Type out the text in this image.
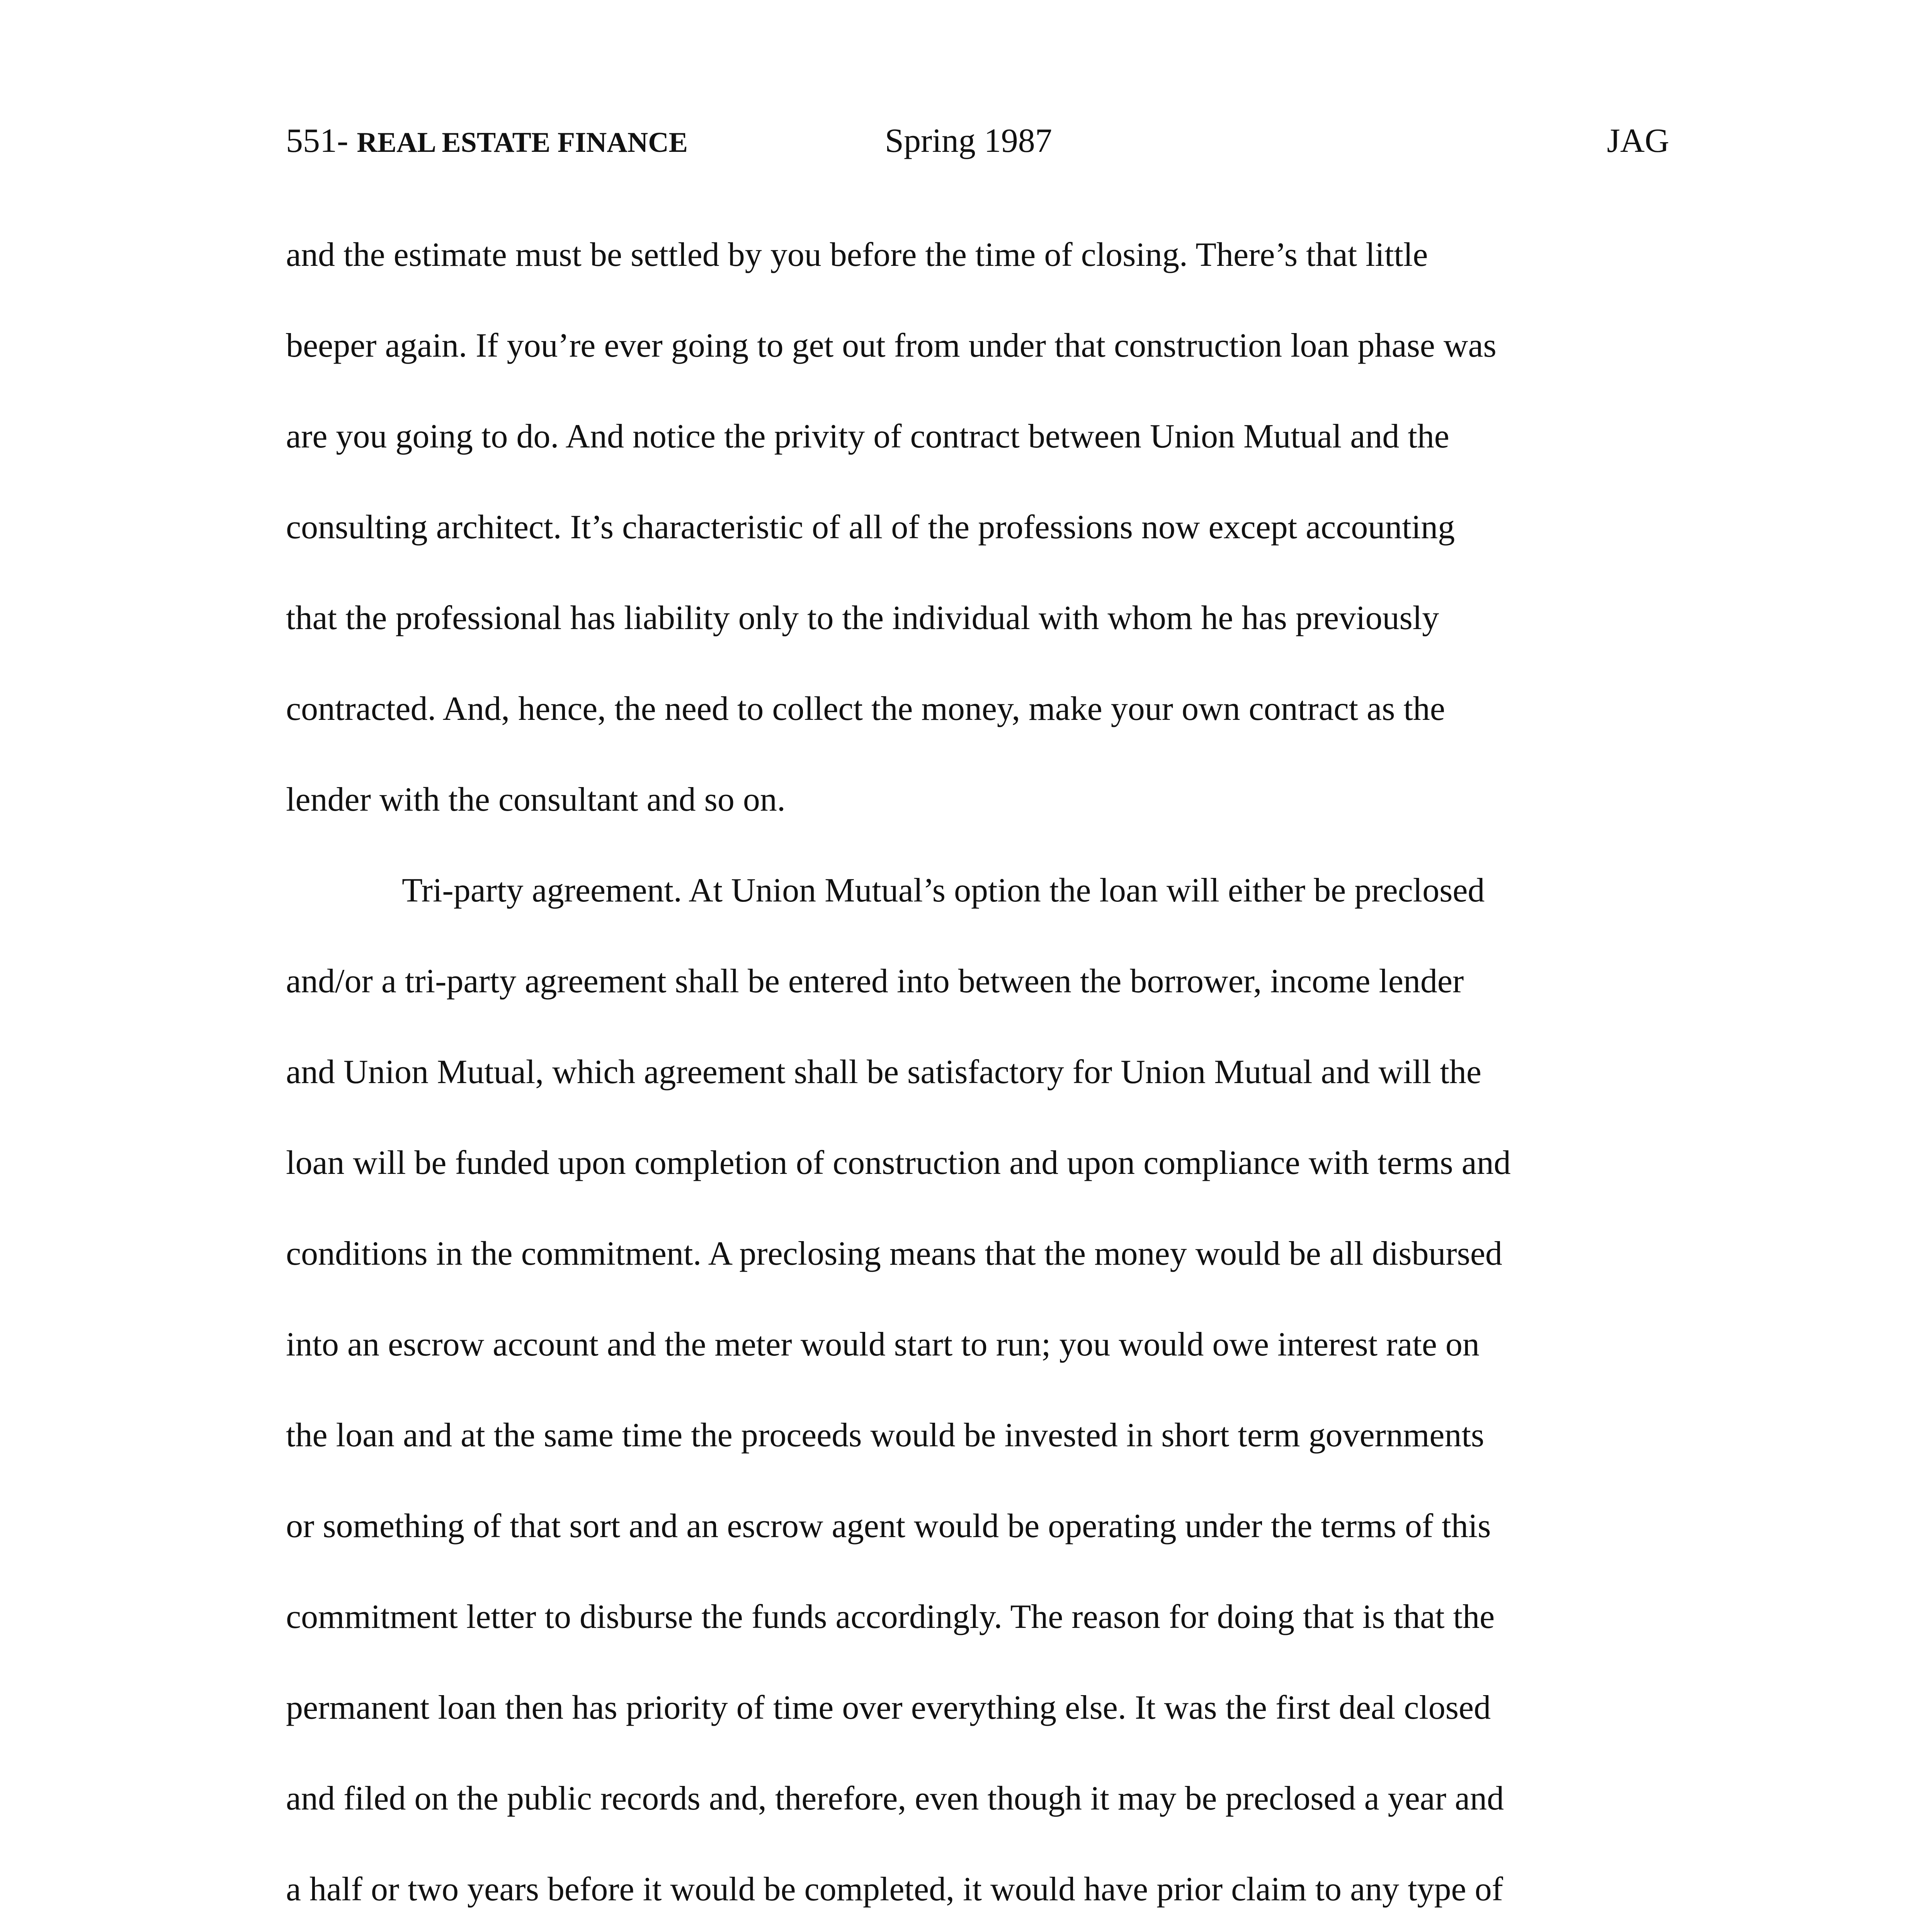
551- REAL ESTATE FINANCE	Spring 1987	JAG
and the estimate must be settled by you before the time of closing. There’s that little
beeper again. If you’re ever going to get out from under that construction loan phase was
are you going to do. And notice the privity of contract between Union Mutual and the
consulting architect. It’s characteristic of all of the professions now except accounting
that the professional has liability only to the individual with whom he has previously
contracted. And, hence, the need to collect the money, make your own contract as the
lender with the consultant and so on.
Tri-party agreement. At Union Mutual’s option the loan will either be preclosed
and/or a tri-party agreement shall be entered into between the borrower, income lender
and Union Mutual, which agreement shall be satisfactory for Union Mutual and will the
loan will be funded upon completion of construction and upon compliance with terms and
conditions in the commitment. A preclosing means that the money would be all disbursed
into an escrow account and the meter would start to run; you would owe interest rate on
the loan and at the same time the proceeds would be invested in short term governments
or something of that sort and an escrow agent would be operating under the terms of this
commitment letter to disburse the funds accordingly. The reason for doing that is that the
permanent loan then has priority of time over everything else. It was the first deal closed
and filed on the public records and, therefore, even though it may be preclosed a year and
a half or two years before it would be completed, it would have prior claim to any type of
